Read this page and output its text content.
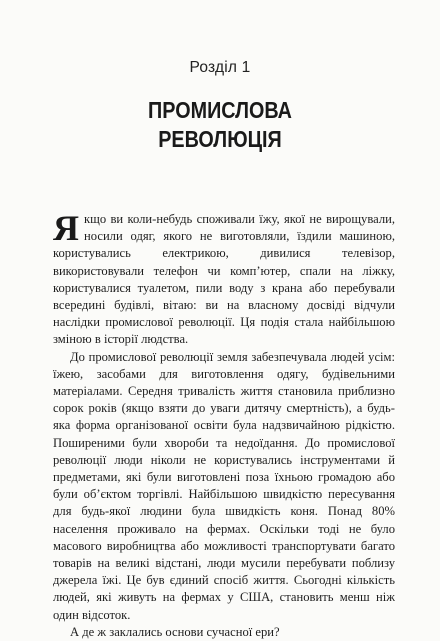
Розділ 1
ПРОМИСЛОВА
РЕВОЛЮЦІЯ

Якщо ви коли-небудь споживали їжу, якої не вирощували, носили одяг, якого не виготовляли, їздили машиною, користувались електрикою, дивилися телевізор, використовували телефон чи комп’ютер, спали на ліжку, користувалися туалетом, пили воду з крана або перебували всередині будівлі, вітаю: ви на власному досвіді відчули наслідки промислової революції. Ця подія стала найбільшою зміною в історії людства.

До промислової революції земля забезпечувала людей усім: їжею, засобами для виготовлення одягу, будівельними матеріалами. Середня тривалість життя становила приблизно сорок років (якщо взяти до уваги дитячу смертність), а будь-яка форма організованої освіти була надзвичайною рідкістю. Поширеними були хвороби та недоїдання. До промислової революції люди ніколи не користувались інструментами й предметами, які були виготовлені поза їхньою громадою або були об’єктом торгівлі. Найбільшою швидкістю пересування для будь-якої людини була швидкість коня. Понад 80% населення проживало на фермах. Оскільки тоді не було масового виробництва або можливості транспортувати багато товарів на великі відстані, люди мусили перебувати поблизу джерела їжі. Це був єдиний спосіб життя. Сьогодні кількість людей, які живуть на фермах у США, становить менш ніж один відсоток.

А де ж заклались основи сучасної ери?
